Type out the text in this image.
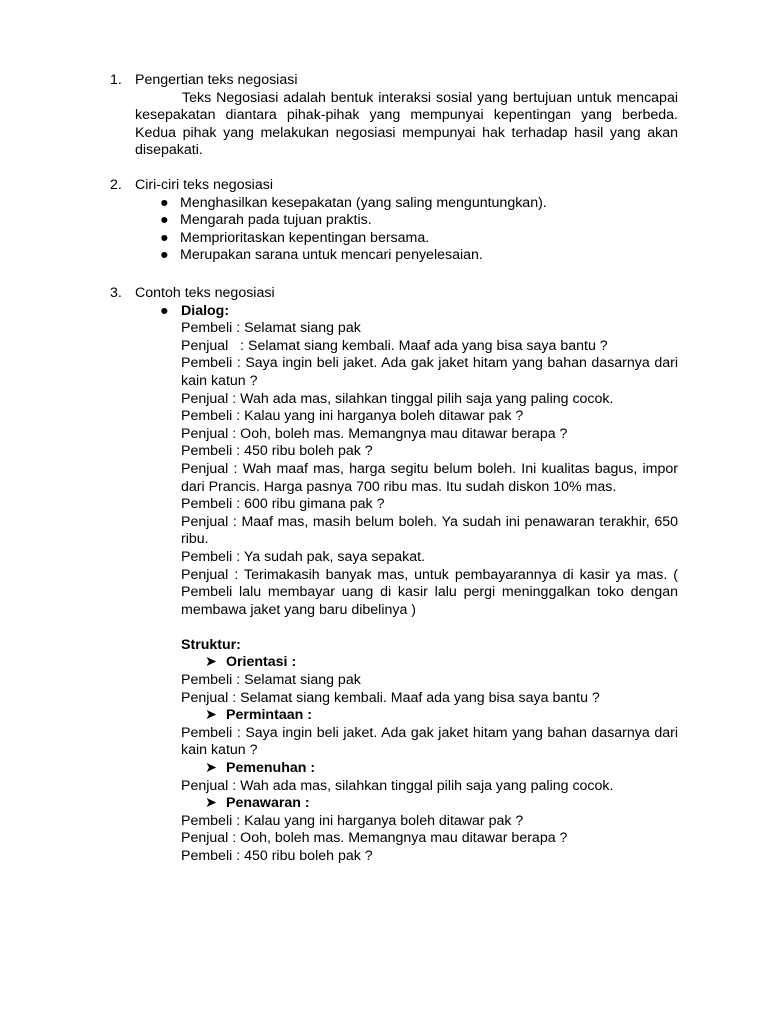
1. Pengertian teks negosiasi
Teks Negosiasi adalah bentuk interaksi sosial yang bertujuan untuk mencapai kesepakatan diantara pihak-pihak yang mempunyai kepentingan yang berbeda. Kedua pihak yang melakukan negosiasi mempunyai hak terhadap hasil yang akan disepakati.
2. Ciri-ciri teks negosiasi
● Menghasilkan kesepakatan (yang saling menguntungkan).
● Mengarah pada tujuan praktis.
● Memprioritaskan kepentingan bersama.
● Merupakan sarana untuk mencari penyelesaian.
3. Contoh teks negosiasi
● Dialog:
Pembeli : Selamat siang pak
Penjual   : Selamat siang kembali. Maaf ada yang bisa saya bantu ?
Pembeli : Saya ingin beli jaket. Ada gak jaket hitam yang bahan dasarnya dari kain katun ?
Penjual : Wah ada mas, silahkan tinggal pilih saja yang paling cocok.
Pembeli : Kalau yang ini harganya boleh ditawar pak ?
Penjual : Ooh, boleh mas. Memangnya mau ditawar berapa ?
Pembeli : 450 ribu boleh pak ?
Penjual : Wah maaf mas, harga segitu belum boleh. Ini kualitas bagus, impor dari Prancis. Harga pasnya 700 ribu mas. Itu sudah diskon 10% mas.
Pembeli : 600 ribu gimana pak ?
Penjual : Maaf mas, masih belum boleh. Ya sudah ini penawaran terakhir, 650 ribu.
Pembeli : Ya sudah pak, saya sepakat.
Penjual : Terimakasih banyak mas, untuk pembayarannya di kasir ya mas. ( Pembeli lalu membayar uang di kasir lalu pergi meninggalkan toko dengan membawa jaket yang baru dibelinya )
Struktur:
➤ Orientasi :
Pembeli : Selamat siang pak
Penjual : Selamat siang kembali. Maaf ada yang bisa saya bantu ?
➤ Permintaan :
Pembeli : Saya ingin beli jaket. Ada gak jaket hitam yang bahan dasarnya dari kain katun ?
➤ Pemenuhan :
Penjual : Wah ada mas, silahkan tinggal pilih saja yang paling cocok.
➤ Penawaran :
Pembeli : Kalau yang ini harganya boleh ditawar pak ?
Penjual : Ooh, boleh mas. Memangnya mau ditawar berapa ?
Pembeli : 450 ribu boleh pak ?
